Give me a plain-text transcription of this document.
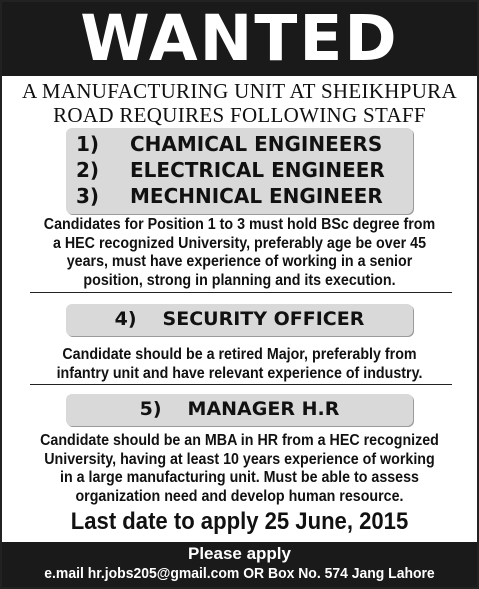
WANTED
A MANUFACTURING UNIT AT SHEIKHPURA
ROAD REQUIRES FOLLOWING STAFF
1) CHAMICAL ENGINEERS
2) ELECTRICAL ENGINEER
3) MECHNICAL ENGINEER
Candidates for Position 1 to 3 must hold BSc degree from
a HEC recognized University, preferably age be over 45
years, must have experience of working in a senior
position, strong in planning and its execution.
4) SECURITY OFFICER
Candidate should be a retired Major, preferably from
infantry unit and have relevant experience of industry.
5) MANAGER H.R
Candidate should be an MBA in HR from a HEC recognized
University, having at least 10 years experience of working
in a large manufacturing unit. Must be able to assess
organization need and develop human resource.
Last date to apply 25 June, 2015
Please apply
e.mail hr.jobs205@gmail.com OR Box No. 574 Jang Lahore
